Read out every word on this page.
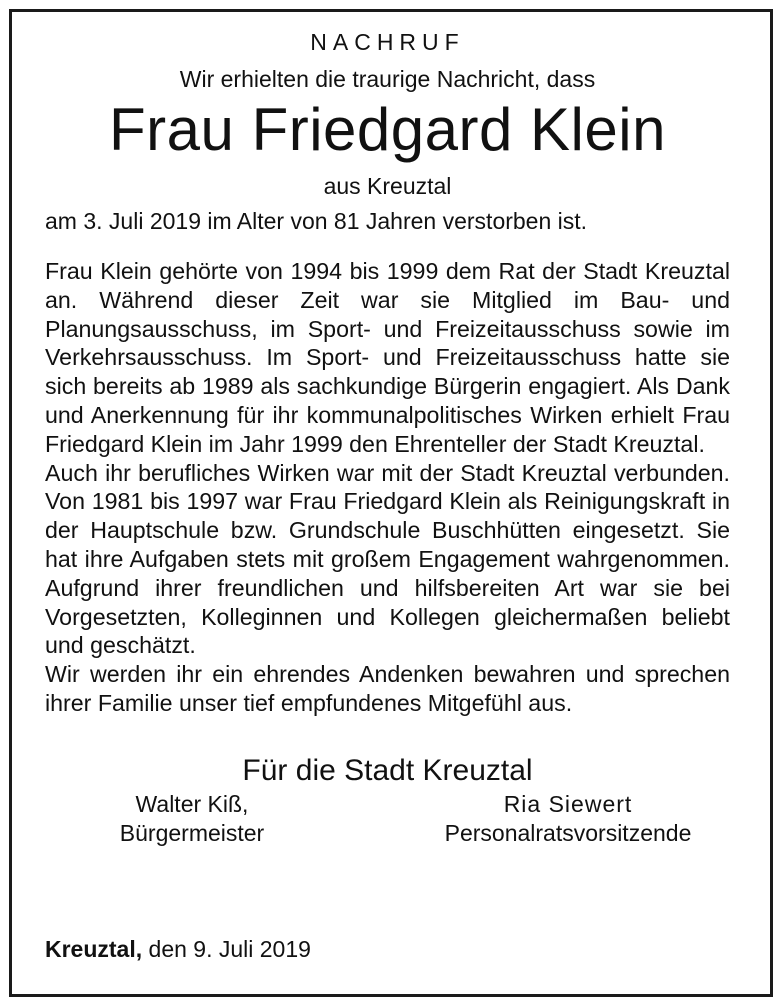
NACHRUF
Wir erhielten die traurige Nachricht, dass
Frau Friedgard Klein
aus Kreuztal
am 3. Juli 2019 im Alter von 81 Jahren verstorben ist.

Frau Klein gehörte von 1994 bis 1999 dem Rat der Stadt Kreuztal an. Während dieser Zeit war sie Mitglied im Bau- und Planungsausschuss, im Sport- und Freizeitausschuss sowie im Verkehrsausschuss. Im Sport- und Freizeitausschuss hatte sie sich bereits ab 1989 als sachkundige Bürgerin engagiert. Als Dank und Anerkennung für ihr kommunalpolitisches Wirken erhielt Frau Friedgard Klein im Jahr 1999 den Ehrenteller der Stadt Kreuztal.

Auch ihr berufliches Wirken war mit der Stadt Kreuztal verbunden. Von 1981 bis 1997 war Frau Friedgard Klein als Reinigungskraft in der Hauptschule bzw. Grundschule Buschhütten eingesetzt. Sie hat ihre Aufgaben stets mit großem Engagement wahrgenommen. Aufgrund ihrer freundlichen und hilfsbereiten Art war sie bei Vorgesetzten, Kolleginnen und Kollegen gleichermaßen beliebt und geschätzt.

Wir werden ihr ein ehrendes Andenken bewahren und sprechen ihrer Familie unser tief empfundenes Mitgefühl aus.

Für die Stadt Kreuztal
Walter Kiß,
Bürgermeister
Ria Siewert
Personalratsvorsitzende
Kreuztal, den 9. Juli 2019
